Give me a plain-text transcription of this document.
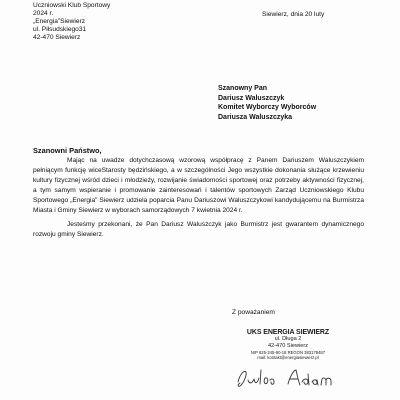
Uczniowski Klub Sportowy
2024 r.
„Energia”Siewierz
ul. Piłsudskiego31
42-470 Siewierz
Siewierz, dnia 20 luty
Szanowny Pan
Dariusz Waluszczyk
Komitet Wyborczy Wyborców
Dariusza Waluszczyka
Szanowni Państwo,

Mając na uwadze dotychczasową wzorową współpracę z Panem Dariuszem Waluszczykiem pełniącym funkcję wiceStarosty będzińskiego, a w szczególności Jego wszystkie dokonania służące krzewieniu kultury fizycznej wśród dzieci i młodzieży, rozwijanie świadomości sportowej oraz potrzeby aktywności fizycznej, a tym samym wspieranie i promowanie zainteresowań i talentów sportowych Zarząd Uczniowskiego Klubu Sportowego „Energia” Siewierz udziela poparcia Panu Dariuszowi Waluszczykowi kandydującemu na Burmistrza Miasta i Gminy Siewierz w wyborach samorządowych 7 kwietnia 2024 r.

Jesteśmy przekonani, że Pan Dariusz Waluszczyk jako Burmistrz jest gwarantem dynamicznego rozwoju gminy Siewierz.

Z poważaniem
UKS ENERGIA SIEWIERZ
ul. Długa 2
42-470 Siewierz
NIP 625-245-90-18 REGON 383178487
mail: kontakt@energiasiewierz.pl
